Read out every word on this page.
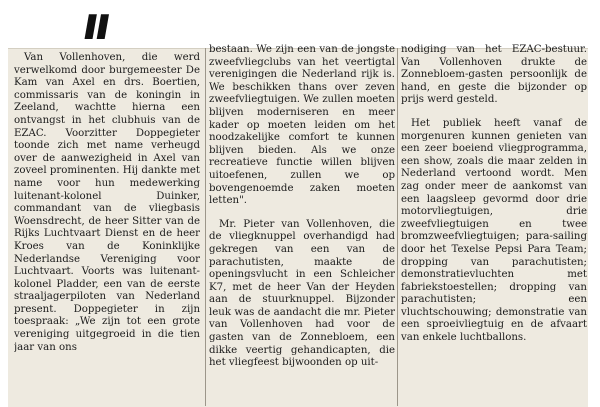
II

Van Vollenhoven, die werd verwelkomd door burgemeester De Kam van Axel en drs. Boertien, commissaris van de koningin in Zeeland, wachtte hierna een ontvangst in het clubhuis van de EZAC. Voorzitter Doppegieter toonde zich met name verheugd over de aanwezigheid in Axel van zoveel prominenten. Hij dankte met name voor hun medewerking luitenant-kolonel Duinker, commandant van de vliegbasis Woensdrecht, de heer Sitter van de Rijks Luchtvaart Dienst en de heer Kroes van de Koninklijke Nederlandse Vereniging voor Luchtvaart. Voorts was luitenant-kolonel Pladder, een van de eerste straaljagerpiloten van Nederland present. Doppegieter in zijn toespraak: „We zijn tot een grote vereniging uitgegroeid in die tien jaar van ons

bestaan. We zijn een van de jongste zweefvliegclubs van het veertigtal verenigingen die Nederland rijk is. We beschikken thans over zeven zweefvliegtuigen. We zullen moeten blijven moderniseren en meer kader op moeten leiden om het noodzakelijke comfort te kunnen blijven bieden. Als we onze recreatieve functie willen blijven uitoefenen, zullen we op bovengenoemde zaken moeten letten".

Mr. Pieter van Vollenhoven, die de vliegknuppel overhandigd had gekregen van een van de parachutisten, maakte de openingsvlucht in een Schleicher K7, met de heer Van der Heyden aan de stuurknuppel. Bijzonder leuk was de aandacht die mr. Pieter van Vollenhoven had voor de gasten van de Zonnebloem, een dikke veertig gehandicapten, die het vliegfeest bijwoonden op uit-

nodiging van het EZAC-bestuur. Van Vollenhoven drukte de Zonnebloem-gasten persoonlijk de hand, en geste die bijzonder op prijs werd gesteld.

Het publiek heeft vanaf de morgenuren kunnen genieten van een zeer boeiend vliegprogramma, een show, zoals die maar zelden in Nederland vertoond wordt. Men zag onder meer de aankomst van een laagsleep gevormd door drie motorvliegtuigen, drie zweefvliegtuigen en twee bromzweefvliegtuigen; para-sailing door het Texelse Pepsi Para Team; dropping van parachutisten; demonstratievluchten met fabriekstoestellen; dropping van parachutisten; een vluchtschouwing; demonstratie van een sproeivliegtuig en de afvaart van enkele luchtballons.
